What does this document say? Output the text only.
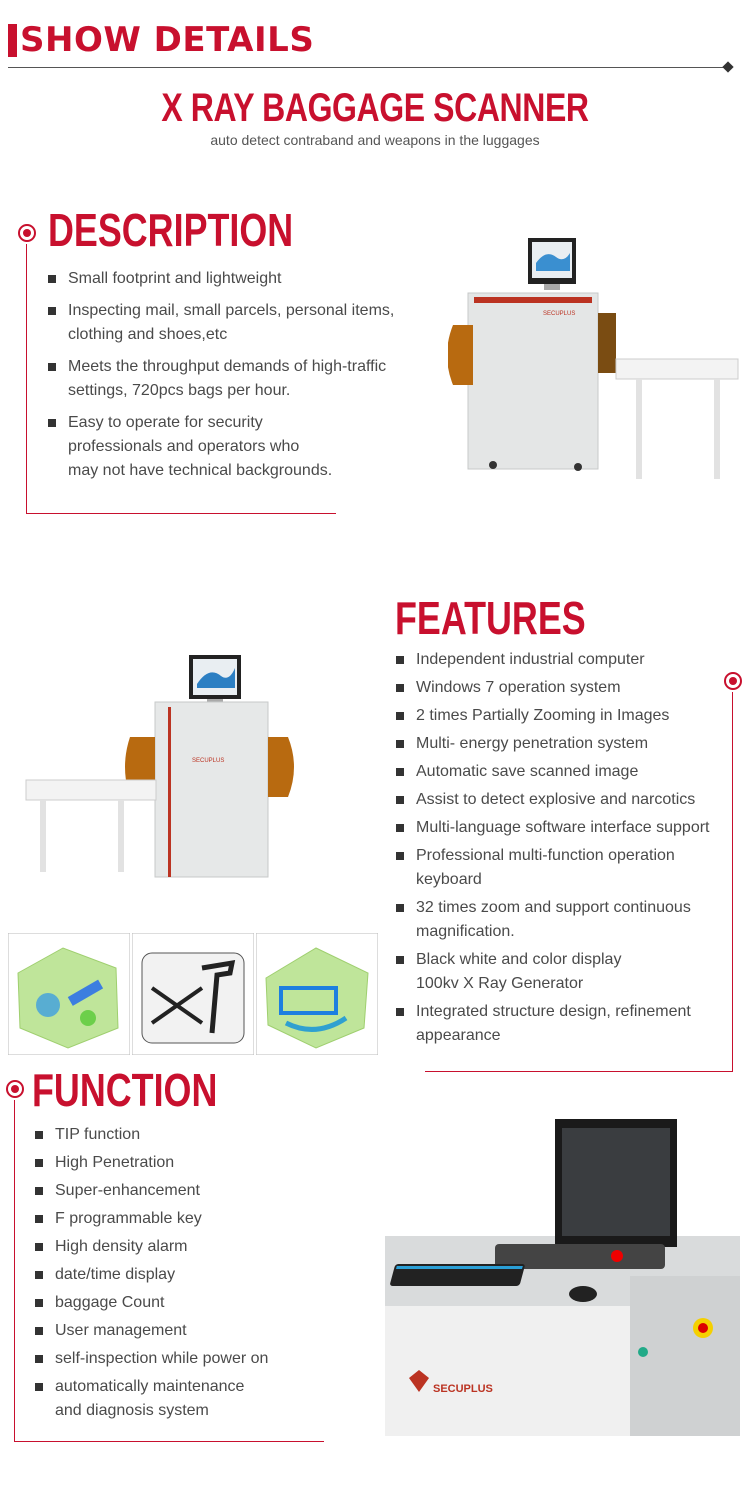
SHOW DETAILS
X RAY BAGGAGE SCANNER
auto detect contraband and weapons in the luggages
DESCRIPTION
Small footprint and lightweight
Inspecting mail, small parcels, personal items,
clothing and shoes,etc
Meets the throughput demands of high-traffic
settings, 720pcs bags per hour.
Easy to operate for security
professionals and operators who
may not have technical backgrounds.
SECUPLUS
FEATURES
Independent industrial computer
Windows 7 operation system
2 times Partially Zooming in Images
Multi- energy penetration system
Automatic save scanned image
Assist to detect explosive and narcotics
Multi-language software interface support
Professional multi-function operation
keyboard
32 times zoom and support continuous
magnification.
Black white and color display
100kv X Ray Generator
Integrated structure design, refinement
appearance
SECUPLUS
FUNCTION
TIP function
High Penetration
Super-enhancement
F programmable key
High density alarm
date/time display
baggage Count
User management
self-inspection while power on
automatically maintenance
and diagnosis system
SECUPLUS
